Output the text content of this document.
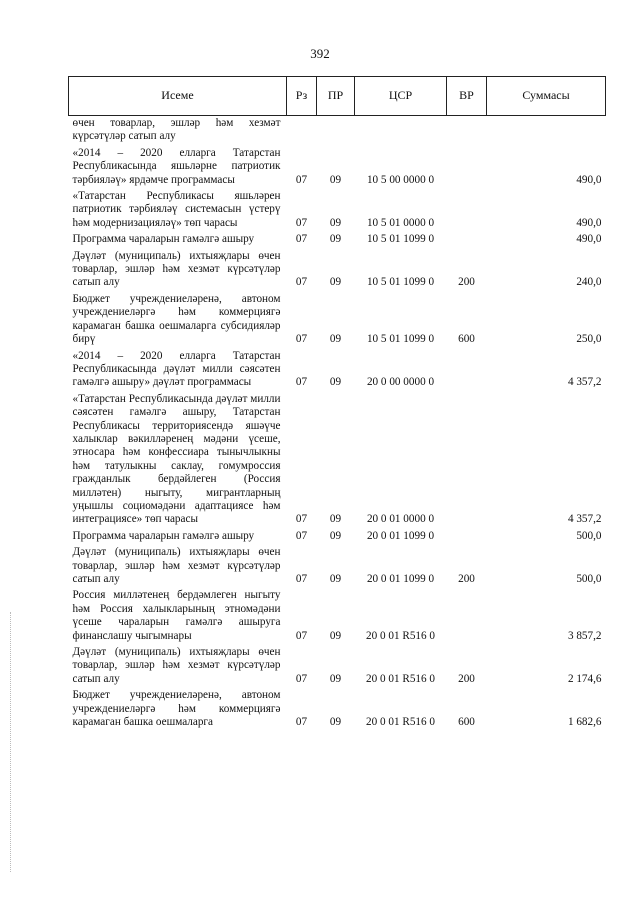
392
Исеме	Рз	ПР	ЦСР	ВР	Суммасы

өчен товарлар, эшләр һәм хезмәт күрсәтүләр сатып алу					

«2014 – 2020 елларга Татарстан Республикасында яшьләрне патриотик тәрбияләү» ярдәмче программасы	07	09	10 5 00 0000 0		490,0

«Татарстан Республикасы яшьләрен патриотик тәрбияләү системасын үстерү һәм модернизацияләү» төп чарасы	07	09	10 5 01 0000 0		490,0

Программа чараларын гамәлгә ашыру	07	09	10 5 01 1099 0		490,0

Дәүләт (муниципаль) ихтыяҗлары өчен товарлар, эшләр һәм хезмәт күрсәтүләр сатып алу	07	09	10 5 01 1099 0	200	240,0

Бюджет учреждениеләренә, автоном учреждениеләргә һәм коммерциягә карамаган башка оешмаларга субсидияләр бирү	07	09	10 5 01 1099 0	600	250,0

«2014 – 2020 елларга Татарстан Республикасында дәүләт милли сәясәтен гамәлгә ашыру» дәүләт программасы	07	09	20 0 00 0000 0		4 357,2

«Татарстан Республикасында дәүләт милли сәясәтен гамәлгә ашыру, Татарстан Республикасы территориясендә яшәүче халыклар вәкилләренең мәдәни үсеше, этносара һәм конфессиара тынычлыкны һәм татулыкны саклау, гомумроссия гражданлык бердәйлеген (Россия милләтен) ныгыту, мигрантларның уңышлы социомәдәни адаптациясе һәм интеграциясе» төп чарасы	07	09	20 0 01 0000 0		4 357,2

Программа чараларын гамәлгә ашыру	07	09	20 0 01 1099 0		500,0

Дәүләт (муниципаль) ихтыяҗлары өчен товарлар, эшләр һәм хезмәт күрсәтүләр сатып алу	07	09	20 0 01 1099 0	200	500,0

Россия милләтенең бердәмлеген ныгыту һәм Россия халыкларының этномәдәни үсеше чараларын гамәлгә ашыруга финанслашу чыгымнары	07	09	20 0 01 R516 0		3 857,2

Дәүләт (муниципаль) ихтыяҗлары өчен товарлар, эшләр һәм хезмәт күрсәтүләр сатып алу	07	09	20 0 01 R516 0	200	2 174,6

Бюджет учреждениеләренә, автоном учреждениеләргә һәм коммерциягә карамаган башка оешмаларга	07	09	20 0 01 R516 0	600	1 682,6
